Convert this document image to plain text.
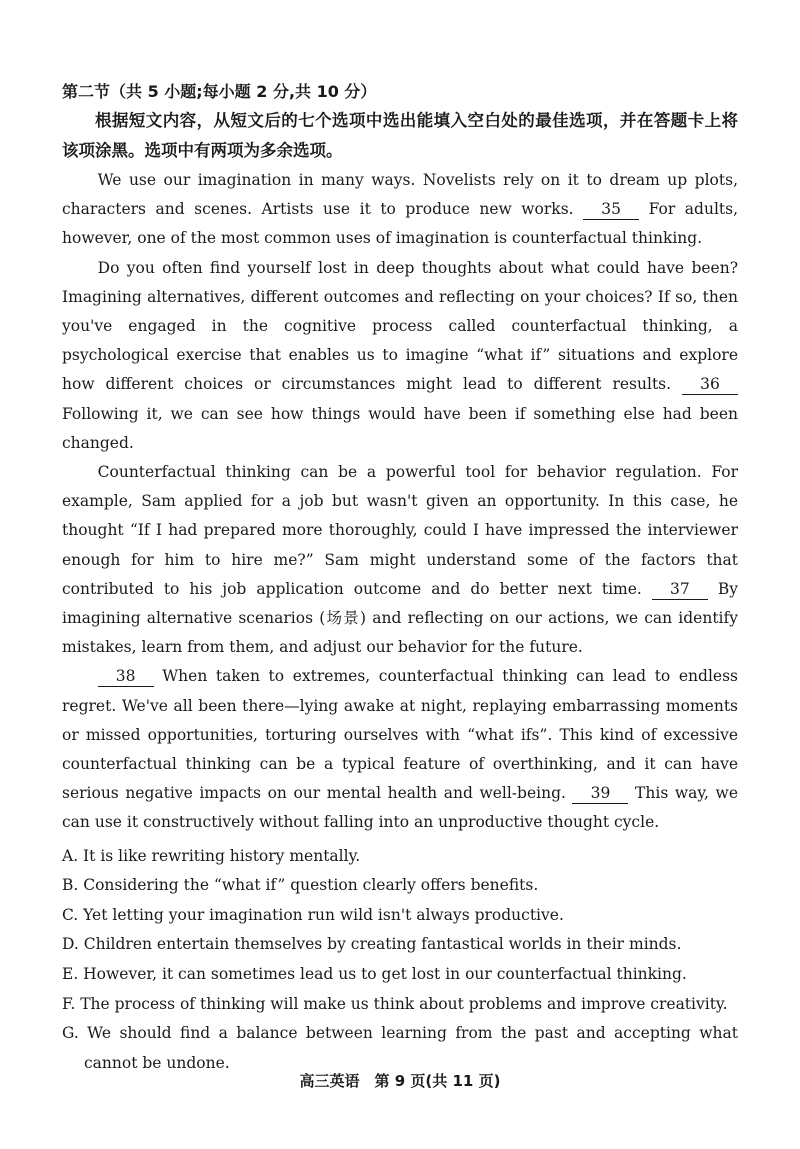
第二节（共 5 小题;每小题 2 分,共 10 分）

根据短文内容，从短文后的七个选项中选出能填入空白处的最佳选项，并在答题卡上将该项涂黑。选项中有两项为多余选项。

We use our imagination in many ways. Novelists rely on it to dream up plots, characters and scenes. Artists use it to produce new works. 35 For adults, however, one of the most common uses of imagination is counterfactual thinking.

Do you often find yourself lost in deep thoughts about what could have been? Imagining alternatives, different outcomes and reflecting on your choices? If so, then you've engaged in the cognitive process called counterfactual thinking, a psychological exercise that enables us to imagine “what if” situations and explore how different choices or circumstances might lead to different results. 36 Following it, we can see how things would have been if something else had been changed.

Counterfactual thinking can be a powerful tool for behavior regulation. For example, Sam applied for a job but wasn't given an opportunity. In this case, he thought “If I had prepared more thoroughly, could I have impressed the interviewer enough for him to hire me?” Sam might understand some of the factors that contributed to his job application outcome and do better next time. 37 By imagining alternative scenarios (场景) and reflecting on our actions, we can identify mistakes, learn from them, and adjust our behavior for the future.

38 When taken to extremes, counterfactual thinking can lead to endless regret. We've all been there—lying awake at night, replaying embarrassing moments or missed opportunities, torturing ourselves with “what ifs”. This kind of excessive counterfactual thinking can be a typical feature of overthinking, and it can have serious negative impacts on our mental health and well-being. 39 This way, we can use it constructively without falling into an unproductive thought cycle.

A. It is like rewriting history mentally.

B. Considering the “what if” question clearly offers benefits.

C. Yet letting your imagination run wild isn't always productive.

D. Children entertain themselves by creating fantastical worlds in their minds.

E. However, it can sometimes lead us to get lost in our counterfactual thinking.

F. The process of thinking will make us think about problems and improve creativity.

G. We should find a balance between learning from the past and accepting what cannot be undone.

高三英语　第 9 页(共 11 页)
